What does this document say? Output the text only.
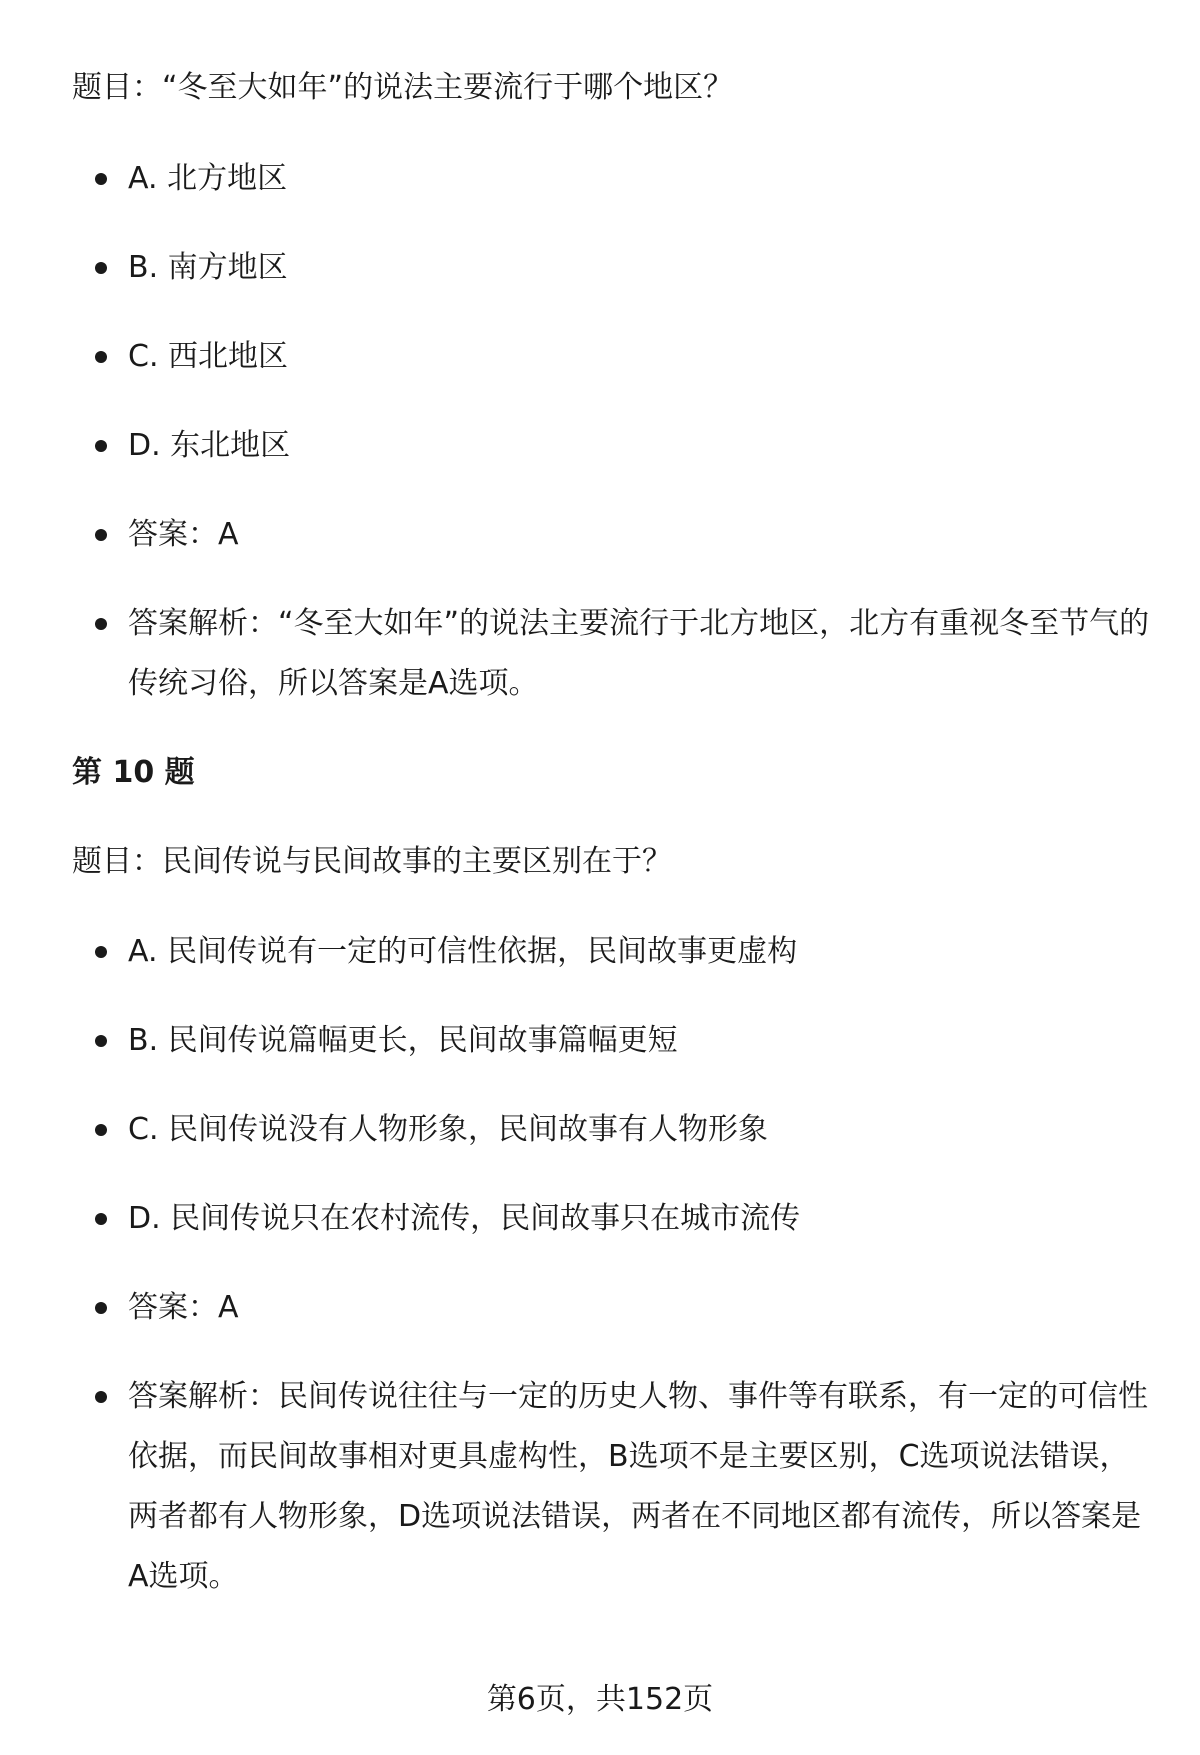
题目：“冬至大如年”的说法主要流行于哪个地区？
A. 北方地区
B. 南方地区
C. 西北地区
D. 东北地区
答案：A
答案解析：“冬至大如年”的说法主要流行于北方地区，北方有重视冬至节气的传统习俗，所以答案是A选项。
第 10 题
题目：民间传说与民间故事的主要区别在于？
A. 民间传说有一定的可信性依据，民间故事更虚构
B. 民间传说篇幅更长，民间故事篇幅更短
C. 民间传说没有人物形象，民间故事有人物形象
D. 民间传说只在农村流传，民间故事只在城市流传
答案：A
答案解析：民间传说往往与一定的历史人物、事件等有联系，有一定的可信性依据，而民间故事相对更具虚构性，B选项不是主要区别，C选项说法错误，两者都有人物形象，D选项说法错误，两者在不同地区都有流传，所以答案是A选项。
第6页，共152页
